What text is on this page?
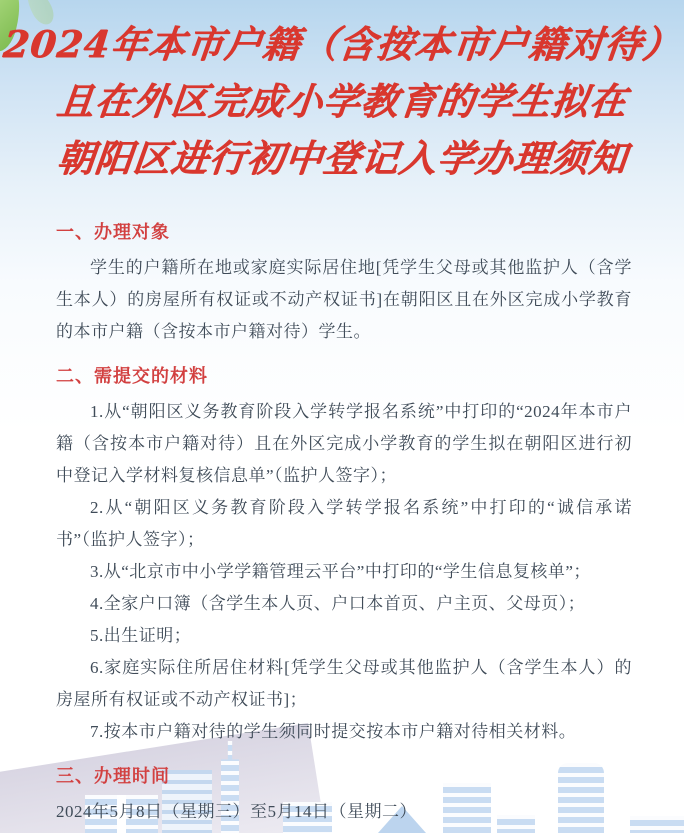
2024年本市户籍（含按本市户籍对待）
且在外区完成小学教育的学生拟在
朝阳区进行初中登记入学办理须知
一、办理对象

学生的户籍所在地或家庭实际居住地[凭学生父母或其他监护人（含学生本人）的房屋所有权证或不动产权证书]在朝阳区且在外区完成小学教育的本市户籍（含按本市户籍对待）学生。

二、需提交的材料

1.从“朝阳区义务教育阶段入学转学报名系统”中打印的“2024年本市户籍（含按本市户籍对待）且在外区完成小学教育的学生拟在朝阳区进行初中登记入学材料复核信息单”（监护人签字）；

2.从“朝阳区义务教育阶段入学转学报名系统”中打印的“诚信承诺书”（监护人签字）；

3.从“北京市中小学学籍管理云平台”中打印的“学生信息复核单”；

4.全家户口簿（含学生本人页、户口本首页、户主页、父母页）；

5.出生证明；

6.家庭实际住所居住材料[凭学生父母或其他监护人（含学生本人）的房屋所有权证或不动产权证书]；

7.按本市户籍对待的学生须同时提交按本市户籍对待相关材料。

三、办理时间

2024年5月8日（星期三）至5月14日（星期二）
